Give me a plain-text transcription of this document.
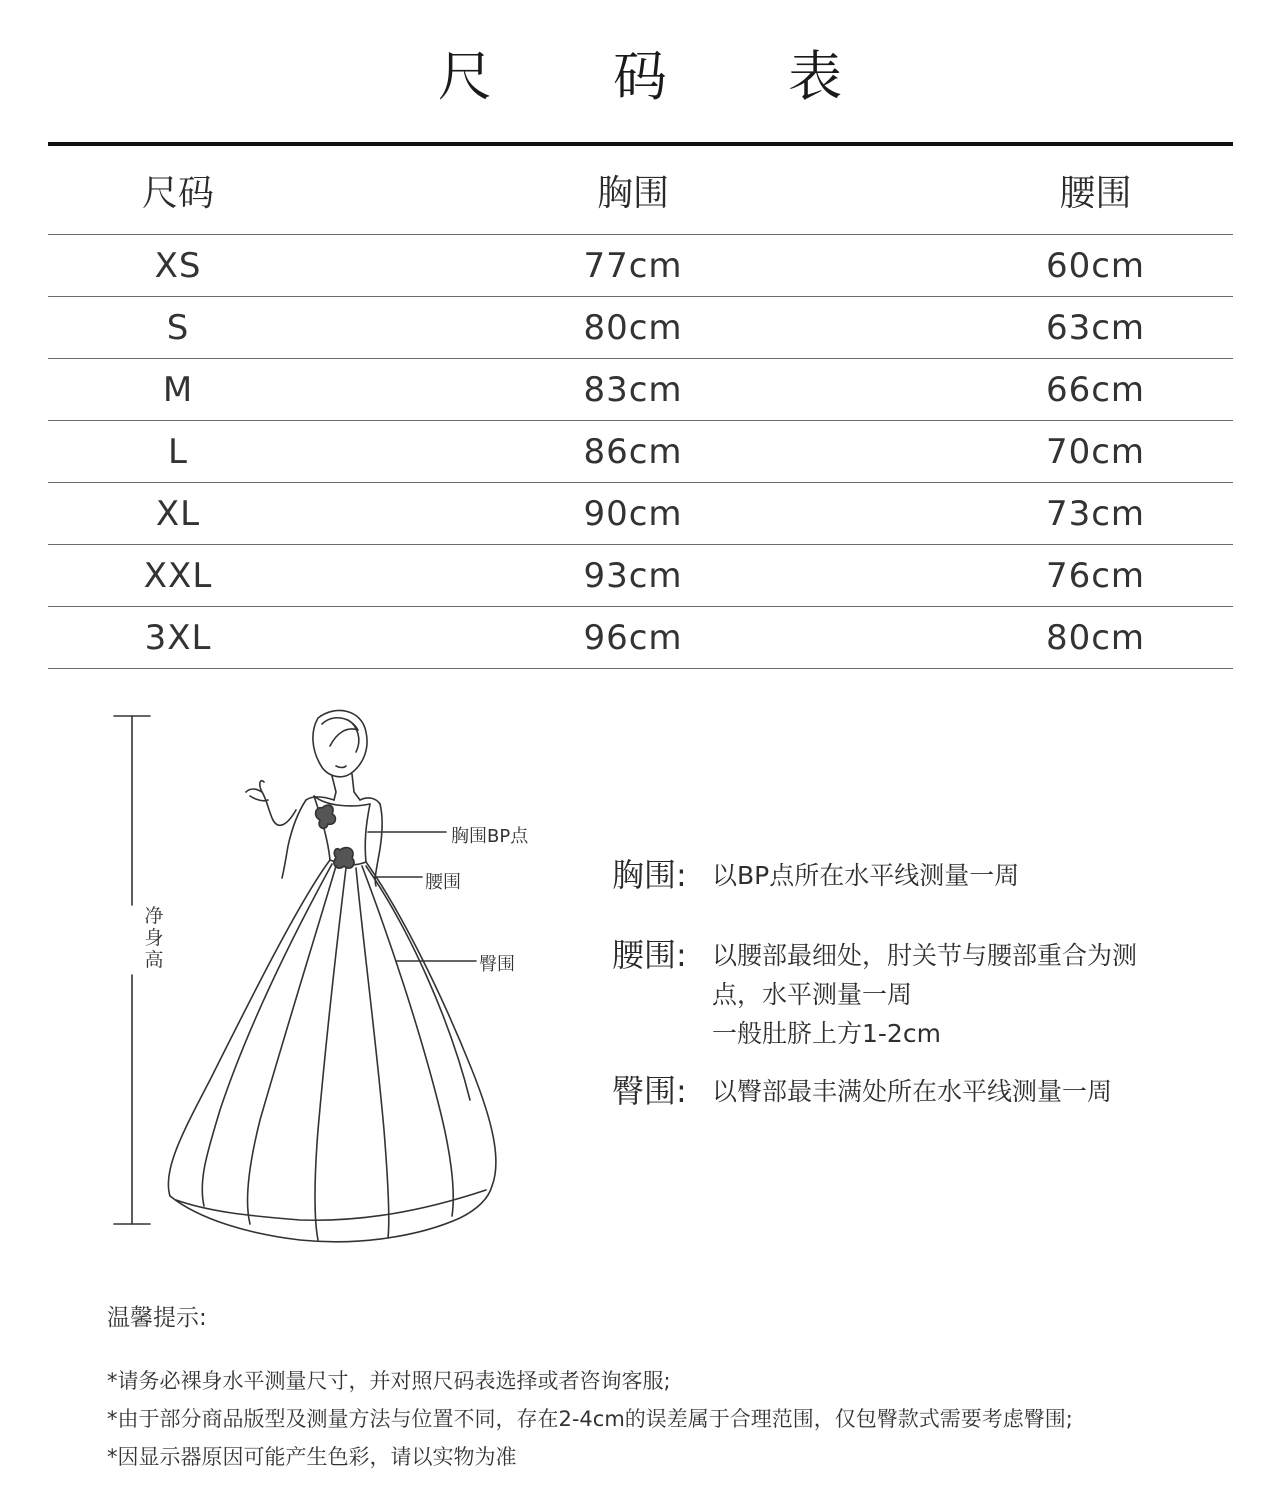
尺 码 表
尺码	胸围	腰围
XS	77cm	60cm
S	80cm	63cm
M	83cm	66cm
L	86cm	70cm
XL	90cm	73cm
XXL	93cm	76cm
3XL	96cm	80cm
净身高
胸围BP点
腰围
臀围
胸围: 以BP点所在水平线测量一周
腰围: 以腰部最细处，肘关节与腰部重合为测
点，水平测量一周
一般肚脐上方1-2cm
臀围: 以臀部最丰满处所在水平线测量一周
温馨提示:
*请务必裸身水平测量尺寸，并对照尺码表选择或者咨询客服;
*由于部分商品版型及测量方法与位置不同，存在2-4cm的误差属于合理范围，仅包臀款式需要考虑臀围;
*因显示器原因可能产生色彩，请以实物为准
